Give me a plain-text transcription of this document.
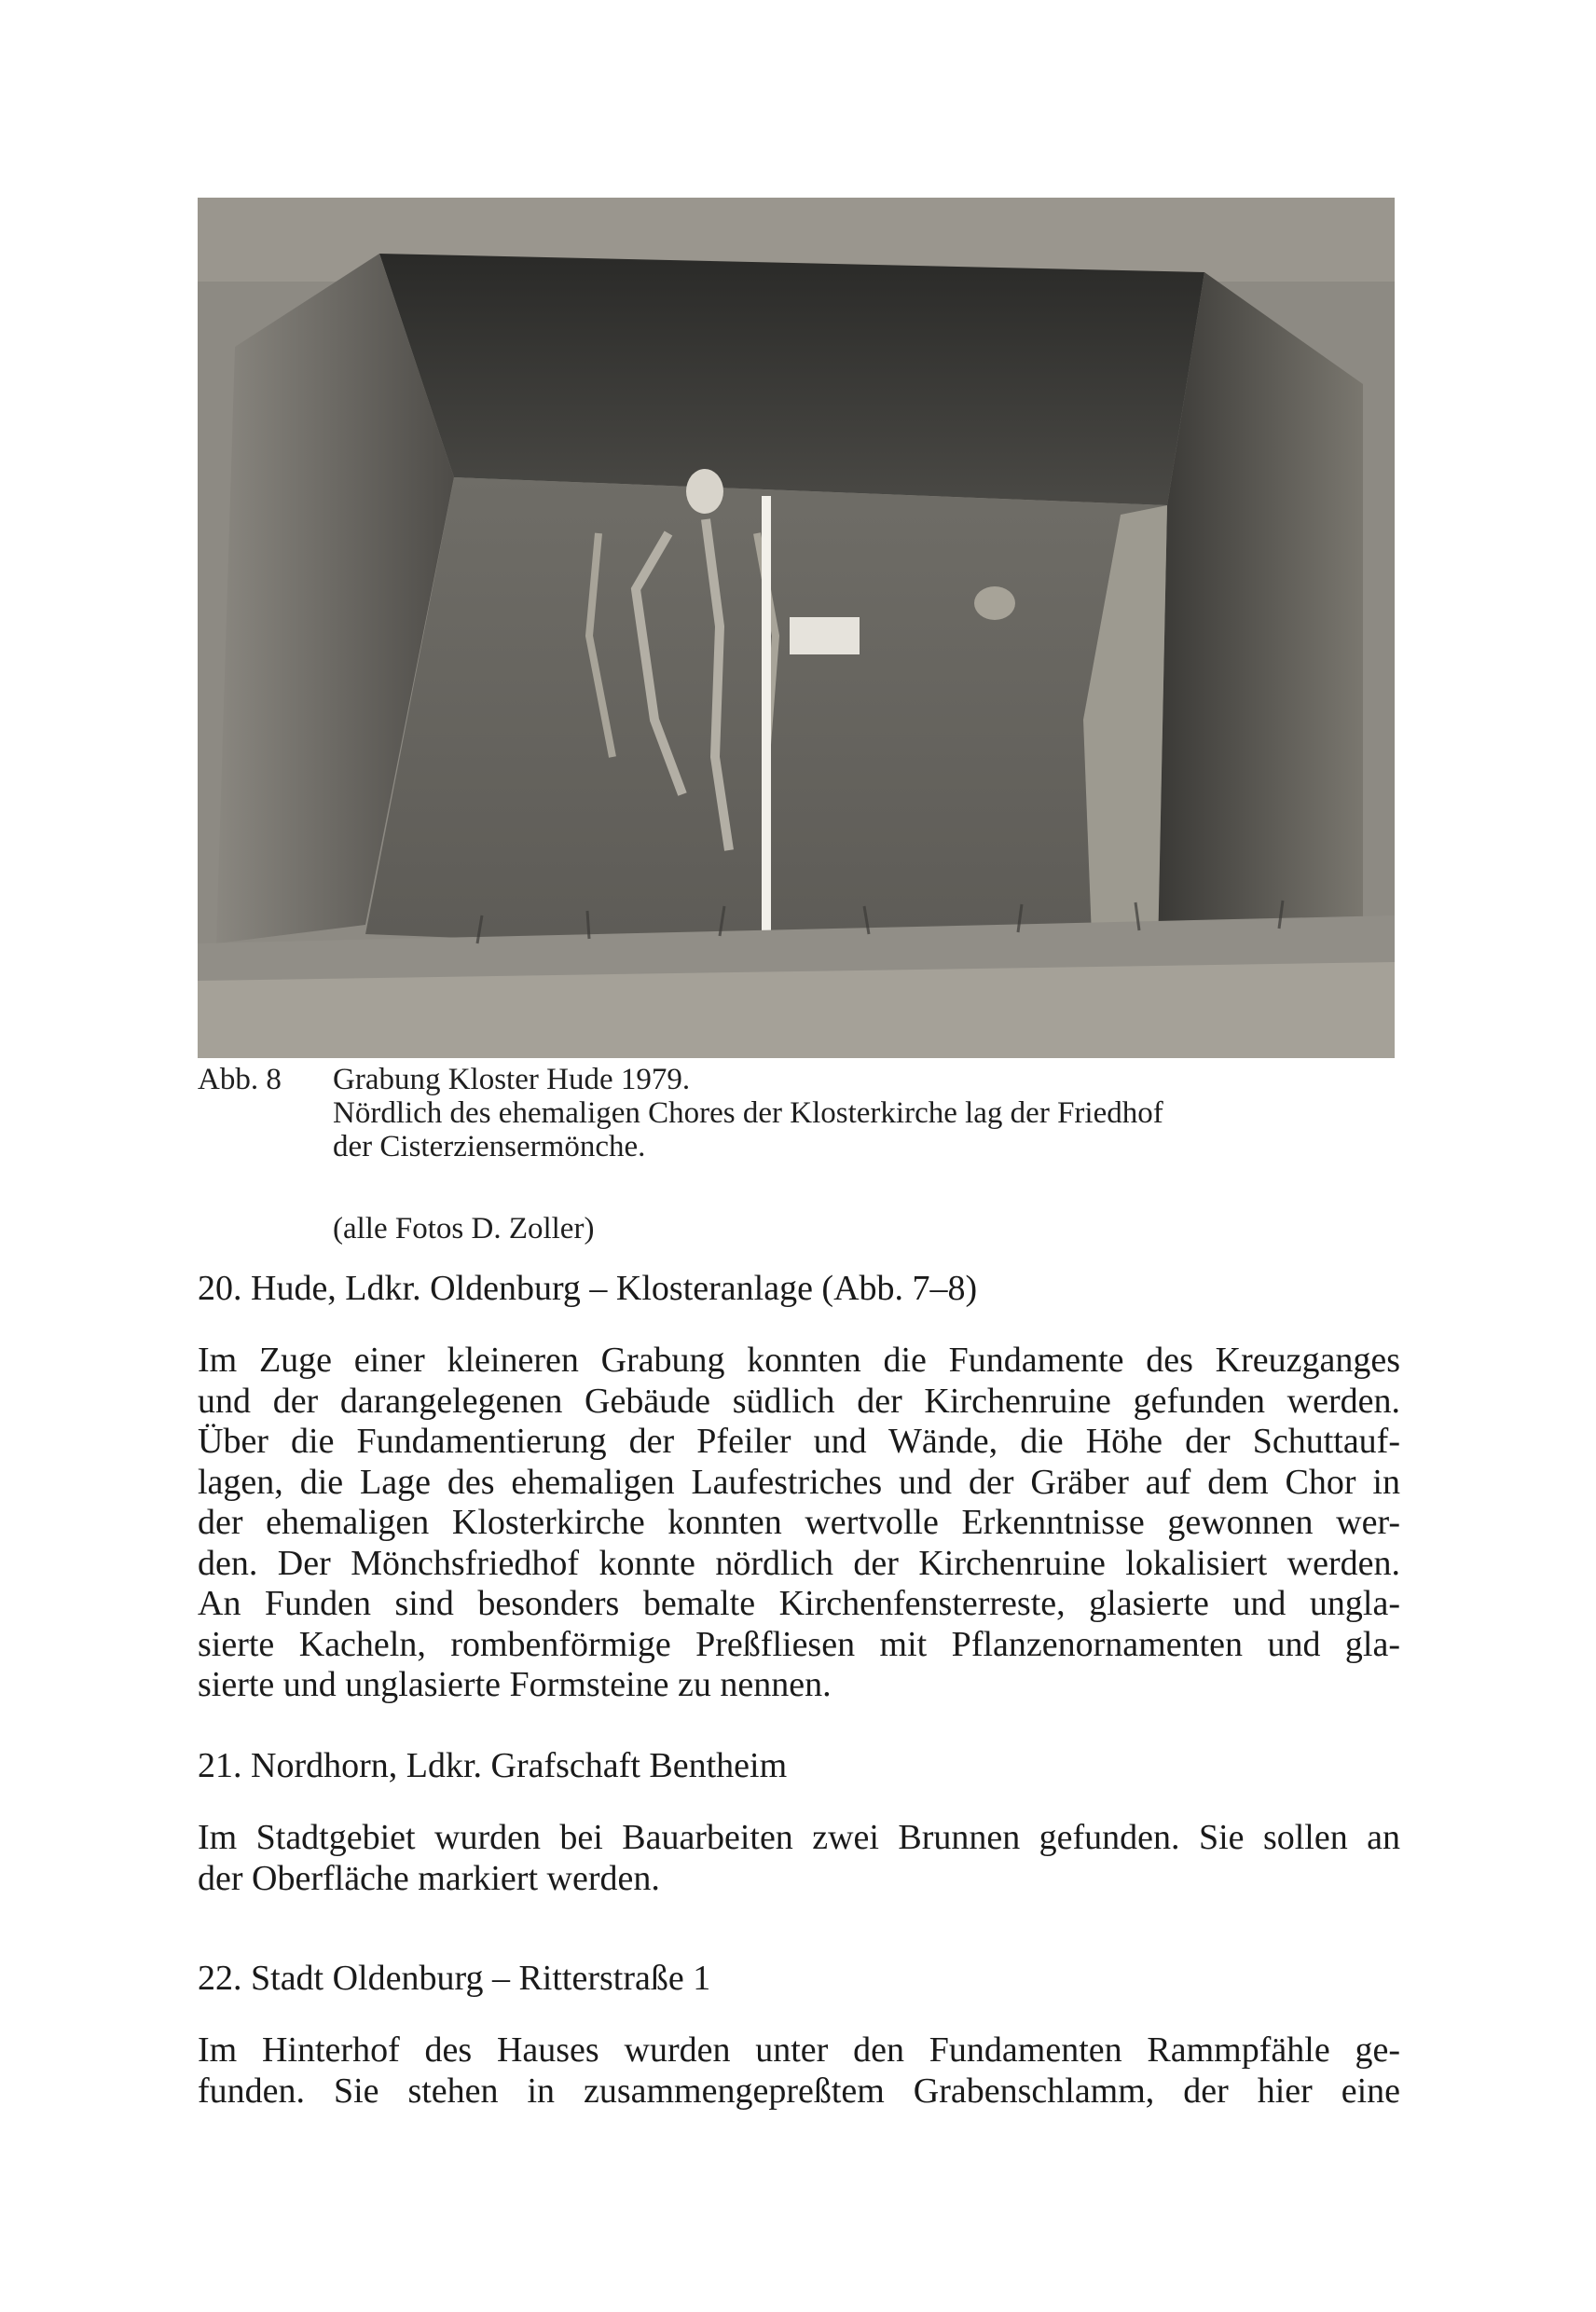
Abb. 8	Grabung Kloster Hude 1979.
Nördlich des ehemaligen Chores der Klosterkirche lag der Friedhof
der Cisterziensermönche.
(alle Fotos D. Zoller)
20. Hude, Ldkr. Oldenburg – Klosteranlage (Abb. 7–8)
Im Zuge einer kleineren Grabung konnten die Fundamente des Kreuzganges
und der darangelegenen Gebäude südlich der Kirchenruine gefunden werden.
Über die Fundamentierung der Pfeiler und Wände, die Höhe der Schuttauf-
lagen, die Lage des ehemaligen Laufestriches und der Gräber auf dem Chor in
der ehemaligen Klosterkirche konnten wertvolle Erkenntnisse gewonnen wer-
den. Der Mönchsfriedhof konnte nördlich der Kirchenruine lokalisiert werden.
An Funden sind besonders bemalte Kirchenfensterreste, glasierte und ungla-
sierte Kacheln, rombenförmige Preßfliesen mit Pflanzenornamenten und gla-
sierte und unglasierte Formsteine zu nennen.
21. Nordhorn, Ldkr. Grafschaft Bentheim
Im Stadtgebiet wurden bei Bauarbeiten zwei Brunnen gefunden. Sie sollen an
der Oberfläche markiert werden.
22. Stadt Oldenburg – Ritterstraße 1
Im Hinterhof des Hauses wurden unter den Fundamenten Rammpfähle ge-
funden. Sie stehen in zusammengepreßtem Grabenschlamm, der hier eine
